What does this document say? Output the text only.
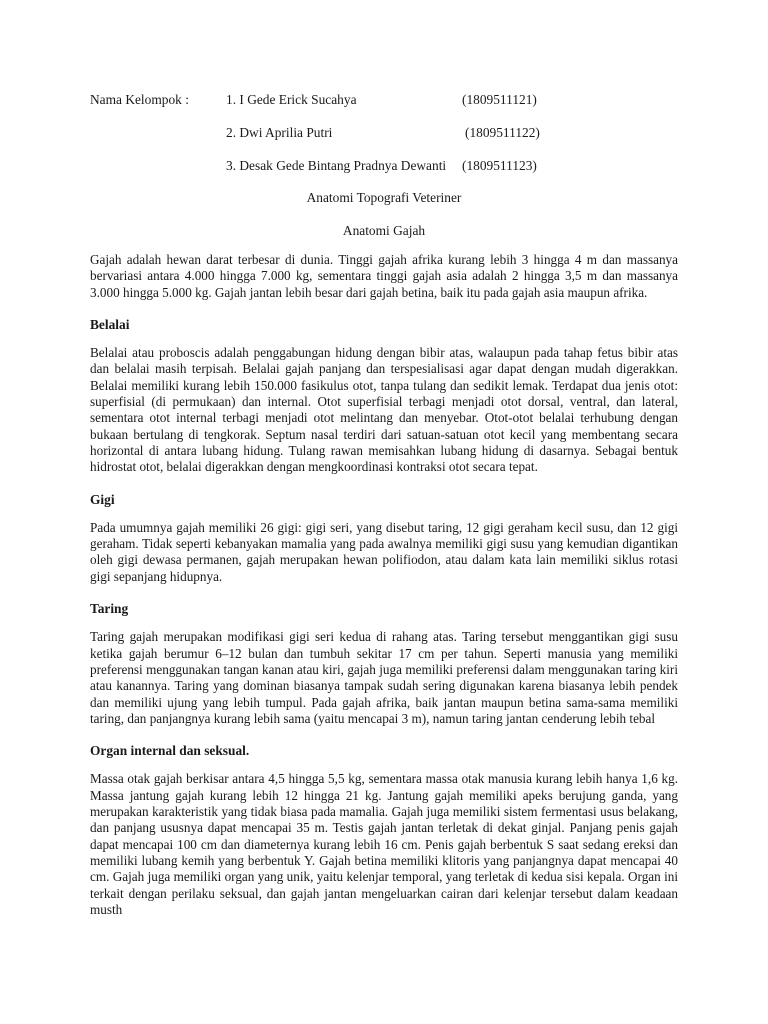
Nama Kelompok :	1. I Gede Erick Sucahya	(1809511121)
2. Dwi Aprilia Putri	(1809511122)
3. Desak Gede Bintang Pradnya Dewanti (1809511123)
Anatomi Topografi Veteriner
Anatomi Gajah

Gajah adalah hewan darat terbesar di dunia. Tinggi gajah afrika kurang lebih 3 hingga 4 m dan massanya bervariasi antara 4.000 hingga 7.000 kg, sementara tinggi gajah asia adalah 2 hingga 3,5 m dan massanya 3.000 hingga 5.000 kg. Gajah jantan lebih besar dari gajah betina, baik itu pada gajah asia maupun afrika.

Belalai

Belalai atau proboscis adalah penggabungan hidung dengan bibir atas, walaupun pada tahap fetus bibir atas dan belalai masih terpisah. Belalai gajah panjang dan terspesialisasi agar dapat dengan mudah digerakkan. Belalai memiliki kurang lebih 150.000 fasikulus otot, tanpa tulang dan sedikit lemak. Terdapat dua jenis otot: superfisial (di permukaan) dan internal. Otot superfisial terbagi menjadi otot dorsal, ventral, dan lateral, sementara otot internal terbagi menjadi otot melintang dan menyebar. Otot-otot belalai terhubung dengan bukaan bertulang di tengkorak. Septum nasal terdiri dari satuan-satuan otot kecil yang membentang secara horizontal di antara lubang hidung. Tulang rawan memisahkan lubang hidung di dasarnya. Sebagai bentuk hidrostat otot, belalai digerakkan dengan mengkoordinasi kontraksi otot secara tepat.

Gigi

Pada umumnya gajah memiliki 26 gigi: gigi seri, yang disebut taring, 12 gigi geraham kecil susu, dan 12 gigi geraham. Tidak seperti kebanyakan mamalia yang pada awalnya memiliki gigi susu yang kemudian digantikan oleh gigi dewasa permanen, gajah merupakan hewan polifiodon, atau dalam kata lain memiliki siklus rotasi gigi sepanjang hidupnya.

Taring

Taring gajah merupakan modifikasi gigi seri kedua di rahang atas. Taring tersebut menggantikan gigi susu ketika gajah berumur 6–12 bulan dan tumbuh sekitar 17 cm per tahun. Seperti manusia yang memiliki preferensi menggunakan tangan kanan atau kiri, gajah juga memiliki preferensi dalam menggunakan taring kiri atau kanannya. Taring yang dominan biasanya tampak sudah sering digunakan karena biasanya lebih pendek dan memiliki ujung yang lebih tumpul. Pada gajah afrika, baik jantan maupun betina sama-sama memiliki taring, dan panjangnya kurang lebih sama (yaitu mencapai 3 m), namun taring jantan cenderung lebih tebal

Organ internal dan seksual.

Massa otak gajah berkisar antara 4,5 hingga 5,5 kg, sementara massa otak manusia kurang lebih hanya 1,6 kg. Massa jantung gajah kurang lebih 12 hingga 21 kg. Jantung gajah memiliki apeks berujung ganda, yang merupakan karakteristik yang tidak biasa pada mamalia. Gajah juga memiliki sistem fermentasi usus belakang, dan panjang ususnya dapat mencapai 35 m. Testis gajah jantan terletak di dekat ginjal. Panjang penis gajah dapat mencapai 100 cm dan diameternya kurang lebih 16 cm. Penis gajah berbentuk S saat sedang ereksi dan memiliki lubang kemih yang berbentuk Y. Gajah betina memiliki klitoris yang panjangnya dapat mencapai 40 cm. Gajah juga memiliki organ yang unik, yaitu kelenjar temporal, yang terletak di kedua sisi kepala. Organ ini terkait dengan perilaku seksual, dan gajah jantan mengeluarkan cairan dari kelenjar tersebut dalam keadaan musth
